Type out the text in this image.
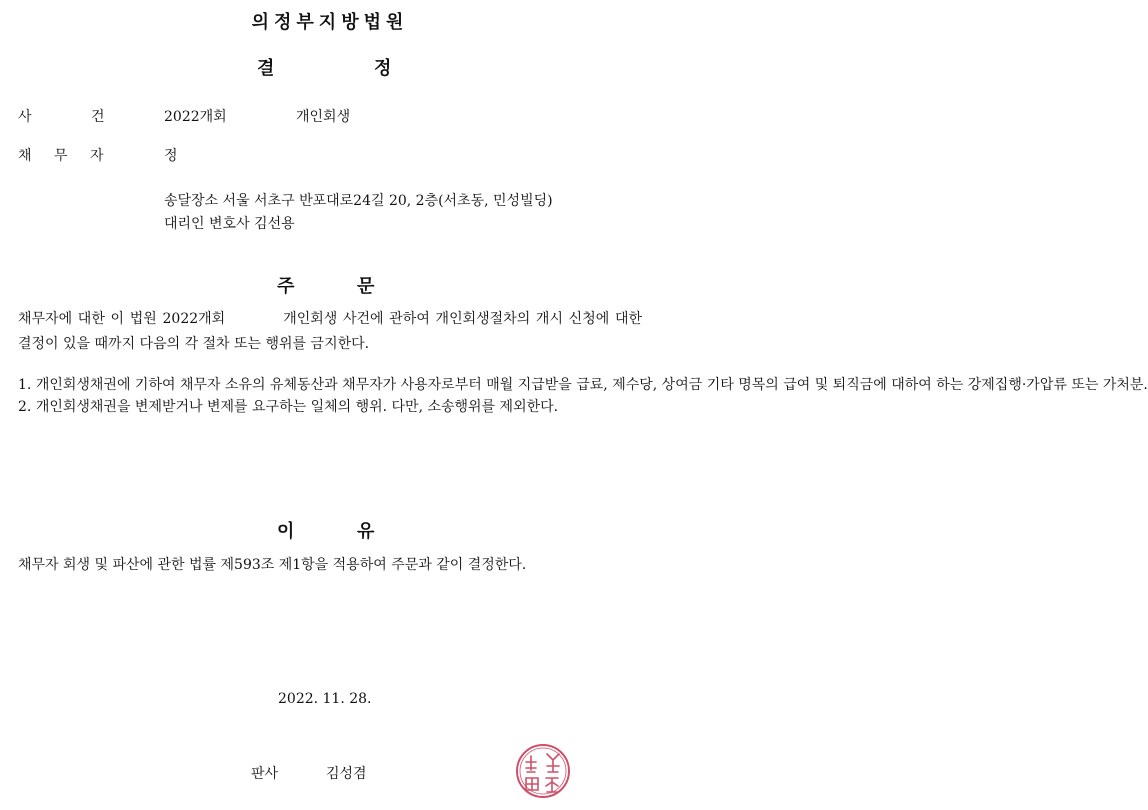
의정부지방법원
결	정
사 건	2022개회	개인회생
채 무 자	정
송달장소 서울 서초구 반포대로24길 20, 2층(서초동, 민성빌딩)
대리인 변호사 김선용
주	문
채무자에 대한 이 법원 2022개회	개인회생 사건에 관하여 개인회생절차의 개시 신청에 대한 결정이 있을 때까지 다음의 각 절차 또는 행위를 금지한다.
1. 개인회생채권에 기하여 채무자 소유의 유체동산과 채무자가 사용자로부터 매월 지급받을 급료, 제수당, 상여금 기타 명목의 급여 및 퇴직금에 대하여 하는 강제집행·가압류 또는 가처분.
2. 개인회생채권을 변제받거나 변제를 요구하는 일체의 행위. 다만, 소송행위를 제외한다.
이	유
채무자 회생 및 파산에 관한 법률 제593조 제1항을 적용하여 주문과 같이 결정한다.
2022. 11. 28.
판사	김성겸
